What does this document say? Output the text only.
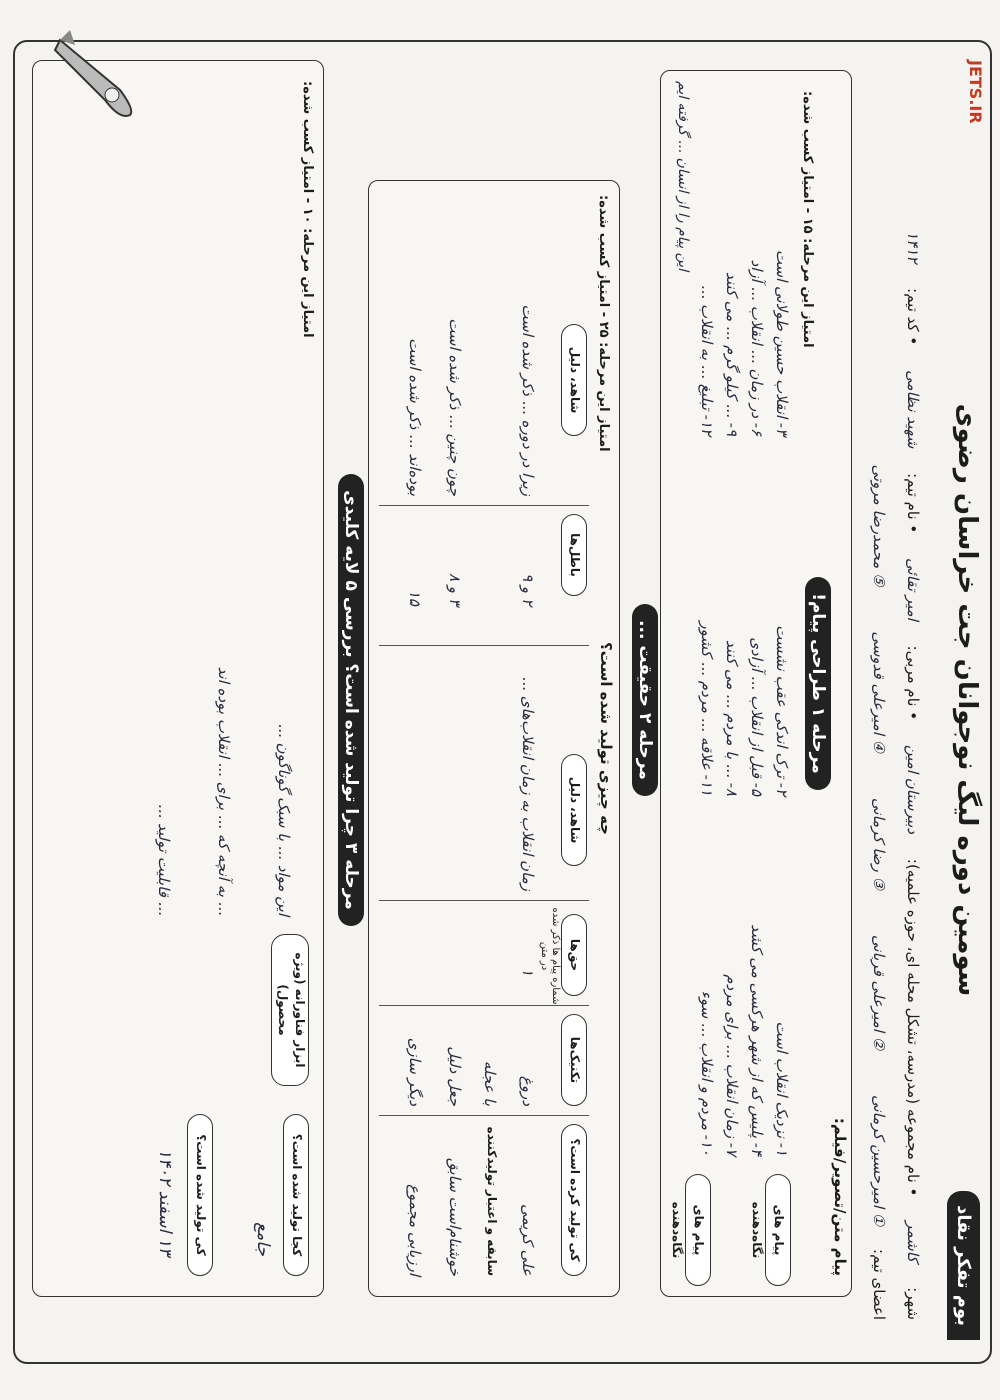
بوم تفکر نقاد
سومین دوره لیگ نوجوانان جت خراسان رضوی
شهر: کاشمر • نام مجموعه (مدرسه، تشکل محله ای، حوزه علمیه): دبیرستان امین • نام مربی: امیر تقائی • نام تیم: شهید نظامی • کد تیم: ۱۴۱۲
اعضای تیم: ① امیرحسین کرمانی ② امیرعلی قربانی ③ رضا کرمانی ④ امیرعلی قدوسی ⑤ محمدرضا مروتی
پیام متن/تصویر/فیلم:
مرحله ۱ طراحی پیام!
پیام های نگاه‌دهنده
پیام های نگاه‌دهنده
۱- نزدیک انقلاب است
۴- پلیس که از شهر هرکسی می کشد
۷- زمان انقلاب ... برای مردم
۱۰- مردم و انقلاب ... سوء
۲- ترک اندکی عقب نشست
۵- قبل از انقلاب ... آزادی
۸- ... با مردم ... می کنند
۱۱- علاقه ... مردم ... کشور
۳- انقلاب حسین طولانی است
۶- در زمان ... انقلاب ... آزاد
۹- ... کیلو گرم ... می کنند
۱۲- تبلیغ ... به انقلاب ...
امتیاز این مرحله: ۱۵ - امتیاز کسب شده:
این پیام را از انسان ... گرفته ایم
مرحله ۲ حقیقت ...
چه چیزی تولید شده است؟
کی تولید کرده است؟
تکنیک‌ها
حق‌ها
شاهد، دلیل
باطل‌ها
شاهد، دلیل
شماره پیام ها ذکر شده در متن
علی کریمی
دروغ
۱
زمان انقلاب به زمان انقلاب‌های ...
۲ و ۹
زیرا در دوره ... ذکر شده است
سابقه و اعتبار تولیدکننده
با عجله
خوشنام‌است سابق
جعل دلیل
۳ و ۸
چون چنین ... ذکر شده است
ارزیابی مجموع
دیگر سازی
۱۵
بوده‌اند ... ذکر شده است
امتیاز این مرحله: ۲۵ - امتیاز کسب شده:
مرحله ۳ چرا تولید شده است؟ بررسی ۵ لایه کلیدی
کجا تولید شده است؟
جامع
کی تولید شده است؟
۱۳ اسفند ۱۴۰۲
ابزار فناورانه (ویژه محصول)
این مواد ... با سبک گوناگون ...
... به آنچه که ... برای ... انقلاب بوده اند
... قابلیت تولید ...
امتیاز این مرحله: ۱۰ - امتیاز کسب شده:
JETS.IR
